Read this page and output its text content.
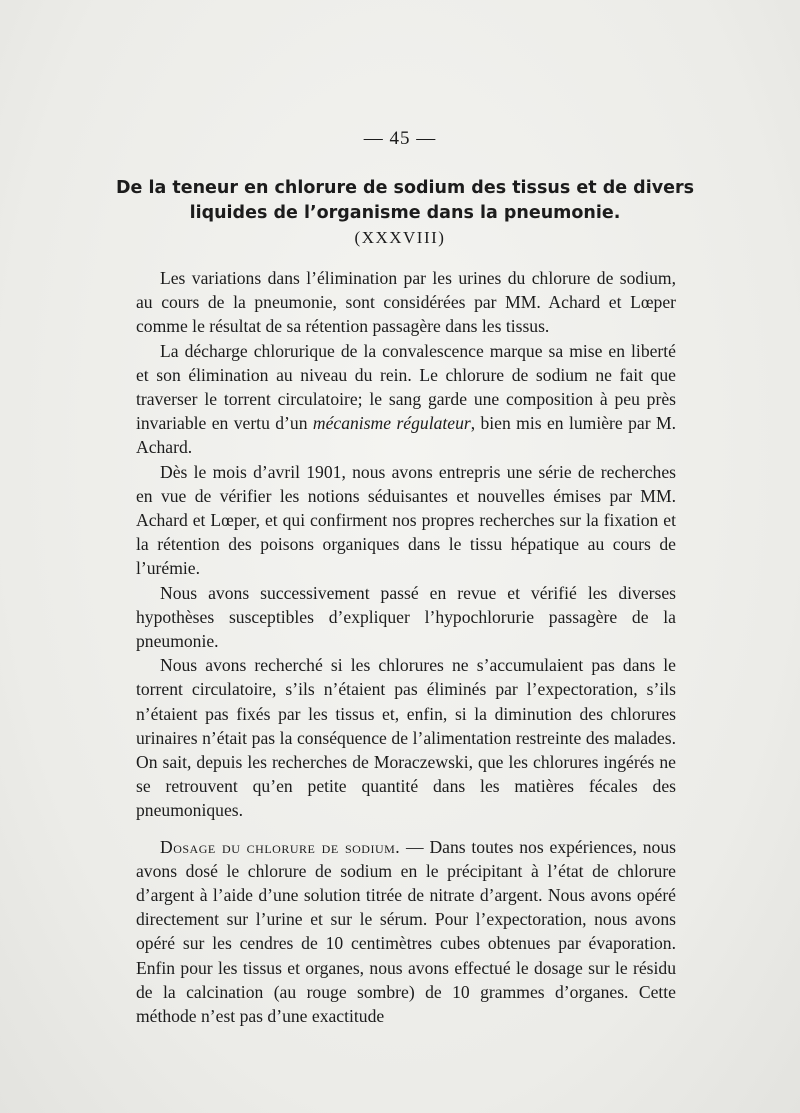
— 45 —
De la teneur en chlorure de sodium des tissus et de divers liquides de l’organisme dans la pneumonie.
(XXXVIII)

Les variations dans l’élimination par les urines du chlorure de sodium, au cours de la pneumonie, sont considérées par MM. Achard et Lœper comme le résultat de sa rétention passagère dans les tissus.

La décharge chlorurique de la convalescence marque sa mise en liberté et son élimination au niveau du rein. Le chlorure de sodium ne fait que traverser le torrent circulatoire; le sang garde une composition à peu près invariable en vertu d’un mécanisme régulateur, bien mis en lumière par M. Achard.

Dès le mois d’avril 1901, nous avons entrepris une série de recherches en vue de vérifier les notions séduisantes et nouvelles émises par MM. Achard et Lœper, et qui confirment nos propres recherches sur la fixation et la rétention des poisons organiques dans le tissu hépatique au cours de l’urémie.

Nous avons successivement passé en revue et vérifié les diverses hypothèses susceptibles d’expliquer l’hypochlorurie passagère de la pneumonie.

Nous avons recherché si les chlorures ne s’accumulaient pas dans le torrent circulatoire, s’ils n’étaient pas éliminés par l’expectoration, s’ils n’étaient pas fixés par les tissus et, enfin, si la diminution des chlorures urinaires n’était pas la conséquence de l’alimentation restreinte des malades. On sait, depuis les recherches de Moraczewski, que les chlorures ingérés ne se retrouvent qu’en petite quantité dans les matières fécales des pneumoniques.

Dosage du chlorure de sodium. — Dans toutes nos expériences, nous avons dosé le chlorure de sodium en le précipitant à l’état de chlorure d’argent à l’aide d’une solution titrée de nitrate d’argent. Nous avons opéré directement sur l’urine et sur le sérum. Pour l’expectoration, nous avons opéré sur les cendres de 10 centimètres cubes obtenues par évaporation. Enfin pour les tissus et organes, nous avons effectué le dosage sur le résidu de la calcination (au rouge sombre) de 10 grammes d’organes. Cette méthode n’est pas d’une exactitude
